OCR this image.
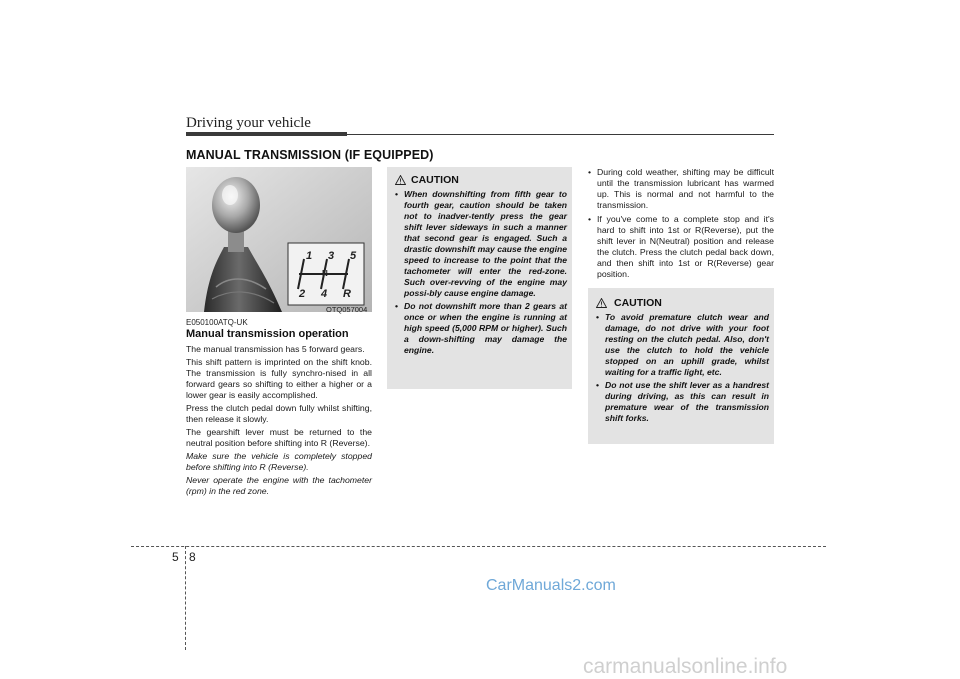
Driving your vehicle
MANUAL TRANSMISSION (IF EQUIPPED)
1 3 5
2 4 R
N
OTQ057004
E050100ATQ-UK
Manual transmission operation

The manual transmission has 5 forward gears.

This shift pattern is imprinted on the shift knob. The transmission is fully synchro-nised in all forward gears so shifting to either a higher or a lower gear is easily accomplished.

Press the clutch pedal down fully whilst shifting, then release it slowly.

The gearshift lever must be returned to the neutral position before shifting into R (Reverse).

Make sure the vehicle is completely stopped before shifting into R (Reverse).

Never operate the engine with the tachometer (rpm) in the red zone.

CAUTION
• When downshifting from fifth gear to fourth gear, caution should be taken not to inadver-tently press the gear shift lever sideways in such a manner that second gear is engaged. Such a drastic downshift may cause the engine speed to increase to the point that the tachometer will enter the red-zone. Such over-revving of the engine may possi-bly cause engine damage.
• Do not downshift more than 2 gears at once or when the engine is running at high speed (5,000 RPM or higher). Such a down-shifting may damage the engine.
• During cold weather, shifting may be difficult until the transmission lubricant has warmed up. This is normal and not harmful to the transmission.
• If you've come to a complete stop and it's hard to shift into 1st or R(Reverse), put the shift lever in N(Neutral) position and release the clutch. Press the clutch pedal back down, and then shift into 1st or R(Reverse) gear position.
CAUTION
• To avoid premature clutch wear and damage, do not drive with your foot resting on the clutch pedal. Also, don't use the clutch to hold the vehicle stopped on an uphill grade, whilst waiting for a traffic light, etc.
• Do not use the shift lever as a handrest during driving, as this can result in premature wear of the transmission shift forks.
5 8
CarManuals2.com
carmanualsonline.info
